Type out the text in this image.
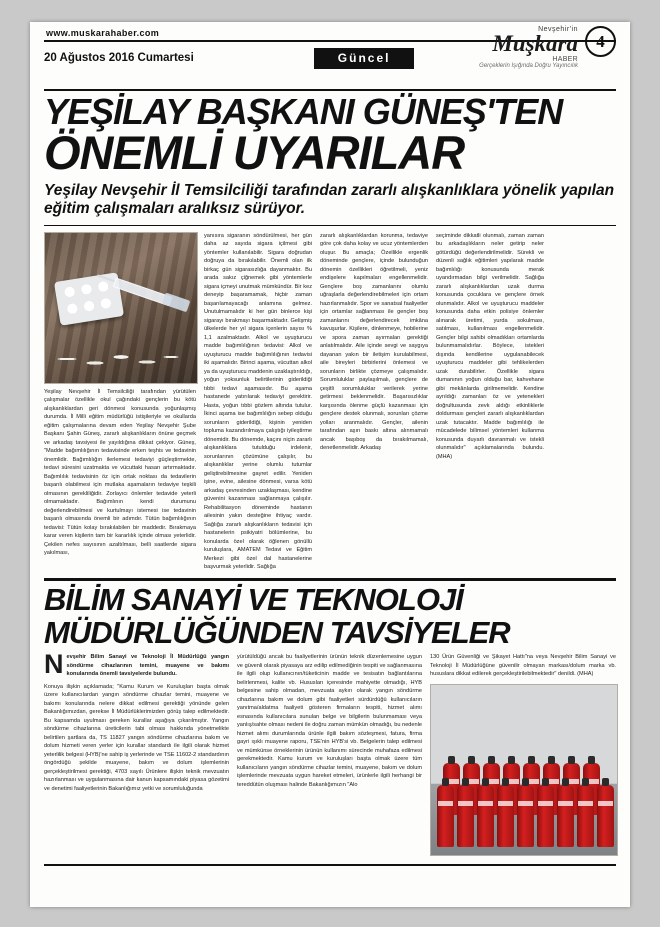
www.muskarahaber.com
20 Ağustos 2016 Cumartesi	Güncel
Nevşehir'in
Muşkara
HABER
Gerçeklerin Işığında Doğru Yayıncılık
4
YEŞİLAY BAŞKANI GÜNEŞ'TEN
ÖNEMLİ UYARILAR
Yeşilay Nevşehir İl Temsilciliği tarafından zararlı alışkanlıklara yönelik yapılan eğitim çalışmaları aralıksız sürüyor.
Yeşilay Nevşehir İl Temsilciliği tarafından yürütülen çalışmalar özellikle okul çağındaki gençlerin bu kötü alışkanlıklardan geri dönmesi konusunda yoğunlaşmış durumda. İl Milli eğitim müdürlüğü istişileriyle ve okullarda eğitim çalışmalarına devam eden Yeşilay Nevşehir Şube Başkanı Şahin Güneş, zararlı alışkanlıkların önüne geçmek ve arkadaş tavsiyesi ile yayıldığına dikkat çekiyor. Güneş, "Madde bağımlılığının tedavisinde erken teşhis ve tedavinin önemlidir. Bağımlılığın ilerlemesi tedaviyi güçleştirmekte, tedavi süresini uzatmakta ve vücuttaki hasarı artırmaktadır. Bağımlılık tedavisinin öz için ortak noktası da tedavilerin başarılı olabilmesi için mutlaka aşamaların tedaviye teşkili olmasının gerekliliğidir. Zorlayıcı önlemler tedavide yeterli olmamaktadır. Bağımlının kendi durumunu değerlendirebilmesi ve kurtulmayı istemesi ise tedavinin başarılı olmasında önemli bir adımdır. Tütün bağımlılığının tedavisi: Tütün kolay bırakılabilen bir maddedir. Bırakmaya karar veren kişilerin tam bir kararlılık içinde olması yeterlidir. Çekilen nefes sayısının azaltılması, belli saatlerde sigara yakılması,
yanısıra sigaranın söndürülmesi, her gün daha az sayıda sigara içilmesi gibi yöntemler kullanılabilir. Sigara doğrudan doğruya da bırakılabilir. Önemli olan ilk birkaç gün sigarasızlığa dayanmaktır. Bu arada sakız çiğnemek gibi yöntemlerle sigara içmeyi unutmak mümkündür. Bir kez deneyip başaramamak, hiçbir zaman başarılamayacağı anlamına gelmez. Unutulmamalıdır ki her gün binlerce kişi sigarayı bırakmayı başarmaktadır. Gelişmiş ülkelerde her yıl sigara içenlerin sayısı % 1,1 azalmaktadır. Alkol ve uyuşturucu madde bağımlılığının tedavisi: Alkol ve uyuşturucu madde bağımlılığının tedavisi iki aşamalıdır. Birinci aşama, vücuttan alkol ya da uyuşturucu maddenin uzaklaştırıldığı, yoğun yoksunluk belirtilerinin giderildiği tıbbi tedavi aşamasıdır. Bu aşama hastanede yatırılarak tedaviyi gerektirir. Hasta, yoğun tıbbi gözlem altında tutulur. İkinci aşama ise bağımlılığın sebep olduğu sorunların giderildiği, kişinin yeniden topluma kazandırılmaya çalıştığı iyileştirme dönemidir. Bu dönemde, kaçını niçin zararlı alışkanlıklara tutulduğu irdelenir, sorunlarının çözümüne çalışılır, bu alışkanlıklar yerine olumlu tutumlar geliştirebilmesine gayret edilir. Yeniden işine, evine, ailesine dönmesi, varsa kötü arkadaş çevresinden uzaklaşması, kendine güvenini kazanması sağlanmaya çalışılır. Rehabilitasyon döneminde hastanın ailesinin yakın desteğine ihtiyaç vardır. Sağlığa zararlı alışkanlıkların tedavisi için hastanelerin psikiyatri bölümlerine, bu konularda özel olarak öğlenen gönüllü kuruluşlara, AMATEM Tedavi ve Eğitim Merkezi gibi özel dal hastanelerine başvurmak yeterlidir. Sağlığa
zararlı alışkanlıklardan korunma, tedaviye göre çok daha kolay ve ucuz yöntemlerden oluşur. Bu amaçla; Özellikle ergenlik döneminde gençlere, içinde bulunduğun dönemin özellikleri öğretilmeli, yeniz endişelere kapılmaları engellenmelidir. Gençlere boş zamanlarını olumlu uğraşlarla değerlendirebilmeleri için ortam hazırlanmalıdır. Spor ve sanatsal faaliyetler için ortamlar sağlanması ile gençler boş zamanlarını değerlendirecek imkâna kavuşurlar. Kişilere, dinlenmeye, hobilerine ve spora zaman ayırmaları gerektiği anlatılmalıdır. Aile içinde sevgi ve saygıya dayanan yakın bir iletişim kurulabilmesi, aile bireyleri birbirlerini önlemesi ve sorunların birlikte çözmeye çalışmalıdır. Sorumluluklar paylaşılmalı, gençlere de çeşitli sorumluluklar verilerek yerine getirmesi beklenmelidir. Başarısızlıklar karşısında ölenme güçlü kazanması için gençlere destek olunmalı, sorunları çözme yolları aranmalıdır. Gençler, ailenin tarafından aşırı baskı altına alınmamalı ancak başıboş da bırakılmamalı, denetlenmelidir. Arkadaş
seçiminde dikkatli olunmalı, zaman zaman bu arkadaşlıkların neler getirip neler götürdüğü değerlendirilmelidir. Sürekli ve düzenli sağlık eğitimleri yapılarak madde bağımlılığı konusunda merak uyandırmadan bilgi verilmelidir. Sağlığa zararlı alışkanlıklardan uzak durma konusunda çocuklara ve gençlere örnek olunmalıdır. Alkol ve uyuşturucu maddeler konusunda daha etkin polisiye önlemler alınarak üretimi, yurda sokulması, satılması, kullanılması engellenmelidir. Gençler bilgi sahibi olmadıkları ortamlarda bulunmamalıdırlar. Böylece, istekleri dışında kendilerine uygulanabilecek uyuşturucu maddeler gibi tehlikelerden uzak durabilirler. Özellikle sigara dumanının yoğun olduğu bar, kahvehane gibi mekânlarda girilmemelidir. Kendine ayrıldığı zamanları öz ve yetenekleri doğrultusunda zevk aldığı etkinliklerle doldurması gençleri zararlı alışkanlıklardan uzak tutacaktır. Madde bağımlılığı ile mücadelede bilimsel yöntemleri kullanma konusunda duyarlı davranmalı ve istekli olunmalıdır" açıklamalarında bulundu. (MHA)
BİLİM SANAYİ VE TEKNOLOJİ
MÜDÜRLÜĞÜNDEN TAVSİYELER
Nevşehir Bilim Sanayi ve Teknoloji İl Müdürlüğü yangın söndürme cihazlarının temini, muayene ve bakımı konularında önemli tavsiyelerde bulundu.
Konuya ilişkin açıklamada; "Kamu Kurum ve Kuruluşları başta olmak üzere kullanıcılardan yangın söndürme cihazlar temini, muayene ve bakımı konularında nelere dikkat edilmesi gerektiği yönünde gelen Bakanlığımızdan, gerekse İl Müdürlüklerimizden görüş talep edilmektedir. Bu kapsamda uyulması gereken kurallar aşağıya çıkarılmıştır. Yangın söndürme cihazlarına üreticilerin tabi olması hakkında yönetmelikte belirtilen şartlara da, TS 11827 yangın söndürme cihazlarına bakım ve dolum hizmeti veren yerler için kurallar standardı ile ilgili olarak hizmet yeterlilik belgesi (HYB)'ne sahip iş yerlerinde ve TSE 11602-2 standardının öngördüğü şekilde muayene, bakım ve dolum işlemlerinin gerçekleştirilmesi gerektiği, 4703 sayılı Ürünlere ilişkin teknik mevzuatın hazırlanması ve uygulanmasına dair kanun kapsamındaki piyasa gözetimi ve denetimi faaliyetlerinin Bakanlığımız yetki ve sorumluluğunda
yürütüldüğü ancak bu faaliyetlerinin ürünün teknik düzenlemesine uygun ve güvenli olarak piyasaya arz edilip edilmediğinin tespiti ve sağlanmasına ile ilgili olup kullanıcının/tüketicinin madde ve tesisatın bağlantılarına belirlenmesi, kalite vb. Hususları içeresinde mahiyette olmadığı, HYB belgesine sahip olmadan, mevzuata aykırı olarak yangın söndürme cihazlarına bakım ve dolum gibi faaliyetleri sürdürdüğü kullanıcıların yanıtma/aldatma faaliyeti gösteren firmaların tespiti, hizmet alımı esnasında kullanıcılara sunulan belge ve bilgilerin bulunmaması veya yanlış/sahte olması nedeni ile doğru zaman mümkün olmadığı, bu nedenle hizmet alımı durumlarında ürünle ilgili bakım sözleşmesi, fatura, firma gayri ışıklı muayene raporu, TSE'nin HYB'si vb. Belgelerin talep edilmesi ve mümkünse örneklerinin ürünün kullanımı sürecinde muhafaza edilmesi gerekmektedir. Kamu kurum ve kuruluşları başta olmak üzere tüm kullanıcıların yangın söndürme cihazlar temini, muayene, bakım ve dolum işlemlerinde mevzuata uygun hareket etmeleri, ürünlerle ilgili herhangi bir tereddütün oluşması halinde Bakanlığımızın "Alo
130 Ürün Güvenliği ve Şikayet Hattı"na veya Nevşehir Bilim Sanayi ve Teknoloji İl Müdürlüğüne güvenilir olmayan markası/dolum marka vb. hususlara dikkat edilerek gerçekleştirilebilmektedir" denildi. (MHA)
